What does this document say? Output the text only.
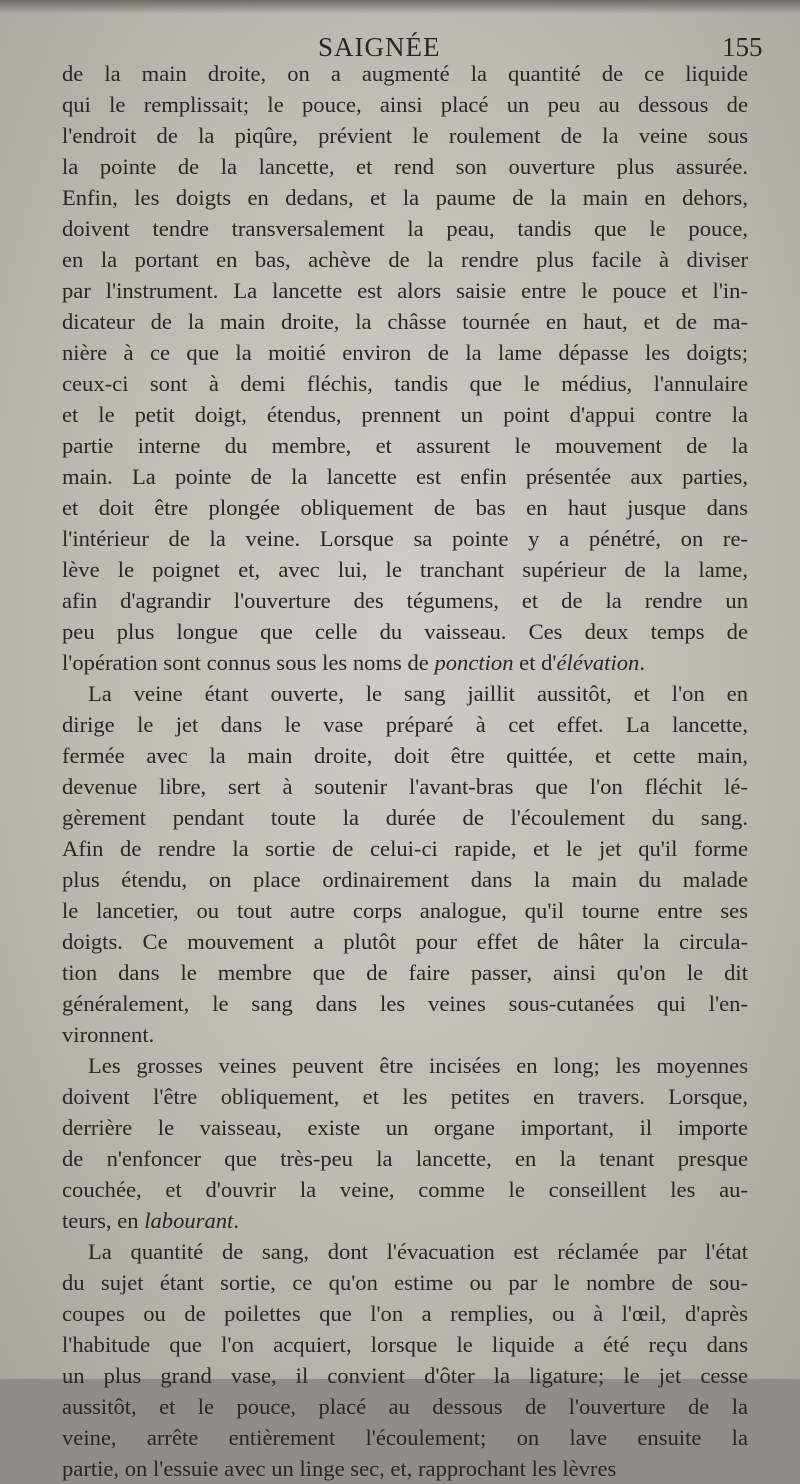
SAIGNÉE	155
de la main droite, on a augmenté la quantité de ce liquide
qui le remplissait; le pouce, ainsi placé un peu au dessous de
l'endroit de la piqûre, prévient le roulement de la veine sous
la pointe de la lancette, et rend son ouverture plus assurée.
Enfin, les doigts en dedans, et la paume de la main en dehors,
doivent tendre transversalement la peau, tandis que le pouce,
en la portant en bas, achève de la rendre plus facile à diviser
par l'instrument. La lancette est alors saisie entre le pouce et l'in-
dicateur de la main droite, la châsse tournée en haut, et de ma-
nière à ce que la moitié environ de la lame dépasse les doigts;
ceux-ci sont à demi fléchis, tandis que le médius, l'annulaire
et le petit doigt, étendus, prennent un point d'appui contre la
partie interne du membre, et assurent le mouvement de la
main. La pointe de la lancette est enfin présentée aux parties,
et doit être plongée obliquement de bas en haut jusque dans
l'intérieur de la veine. Lorsque sa pointe y a pénétré, on re-
lève le poignet et, avec lui, le tranchant supérieur de la lame,
afin d'agrandir l'ouverture des tégumens, et de la rendre un
peu plus longue que celle du vaisseau. Ces deux temps de
l'opération sont connus sous les noms de ponction et d'élévation.
La veine étant ouverte, le sang jaillit aussitôt, et l'on en
dirige le jet dans le vase préparé à cet effet. La lancette,
fermée avec la main droite, doit être quittée, et cette main,
devenue libre, sert à soutenir l'avant-bras que l'on fléchit lé-
gèrement pendant toute la durée de l'écoulement du sang.
Afin de rendre la sortie de celui-ci rapide, et le jet qu'il forme
plus étendu, on place ordinairement dans la main du malade
le lancetier, ou tout autre corps analogue, qu'il tourne entre ses
doigts. Ce mouvement a plutôt pour effet de hâter la circula-
tion dans le membre que de faire passer, ainsi qu'on le dit
généralement, le sang dans les veines sous-cutanées qui l'en-
vironnent.
Les grosses veines peuvent être incisées en long; les moyennes
doivent l'être obliquement, et les petites en travers. Lorsque,
derrière le vaisseau, existe un organe important, il importe
de n'enfoncer que très-peu la lancette, en la tenant presque
couchée, et d'ouvrir la veine, comme le conseillent les au-
teurs, en labourant.
La quantité de sang, dont l'évacuation est réclamée par l'état
du sujet étant sortie, ce qu'on estime ou par le nombre de sou-
coupes ou de poilettes que l'on a remplies, ou à l'œil, d'après
l'habitude que l'on acquiert, lorsque le liquide a été reçu dans
un plus grand vase, il convient d'ôter la ligature; le jet cesse
aussitôt, et le pouce, placé au dessous de l'ouverture de la
veine, arrête entièrement l'écoulement; on lave ensuite la
partie, on l'essuie avec un linge sec, et, rapprochant les lèvres
